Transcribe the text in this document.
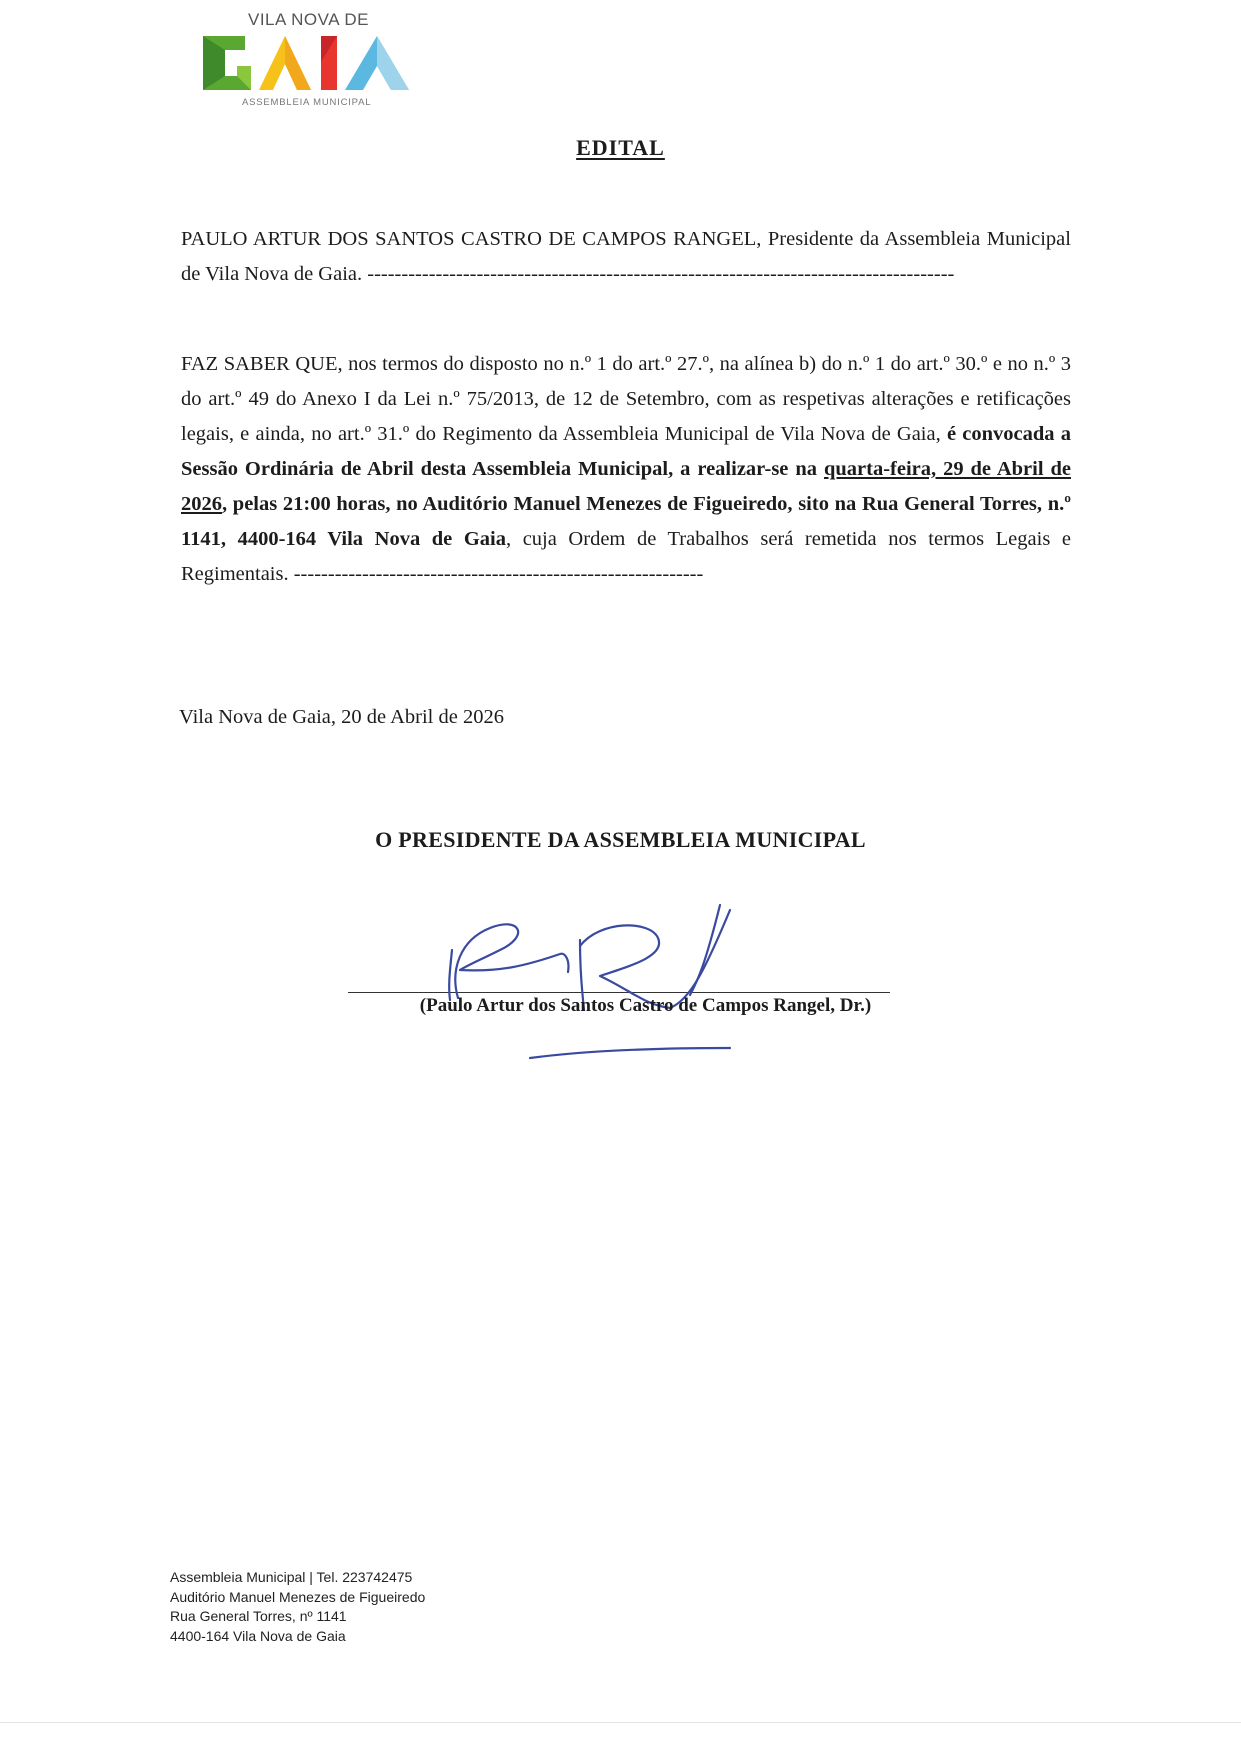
VILA NOVA DE
ASSEMBLEIA MUNICIPAL
EDITAL
PAULO ARTUR DOS SANTOS CASTRO DE CAMPOS RANGEL, Presidente da Assembleia Municipal de Vila Nova de Gaia. --------------------------------------------------------------------------------------
FAZ SABER QUE, nos termos do disposto no n.º 1 do art.º 27.º, na alínea b) do n.º 1 do art.º 30.º e no n.º 3 do art.º 49 do Anexo I da Lei n.º 75/2013, de 12 de Setembro, com as respetivas alterações e retificações legais, e ainda, no art.º 31.º do Regimento da Assembleia Municipal de Vila Nova de Gaia, é convocada a Sessão Ordinária de Abril desta Assembleia Municipal, a realizar-se na quarta-feira, 29 de Abril de 2026, pelas 21:00 horas, no Auditório Manuel Menezes de Figueiredo, sito na Rua General Torres, n.º 1141, 4400-164 Vila Nova de Gaia, cuja Ordem de Trabalhos será remetida nos termos Legais e Regimentais. ------------------------------------------------------------
Vila Nova de Gaia, 20 de Abril de 2026
O PRESIDENTE DA ASSEMBLEIA MUNICIPAL
(Paulo Artur dos Santos Castro de Campos Rangel, Dr.)
Assembleia Municipal | Tel. 223742475
Auditório Manuel Menezes de Figueiredo
Rua General Torres, nº 1141
4400-164 Vila Nova de Gaia
